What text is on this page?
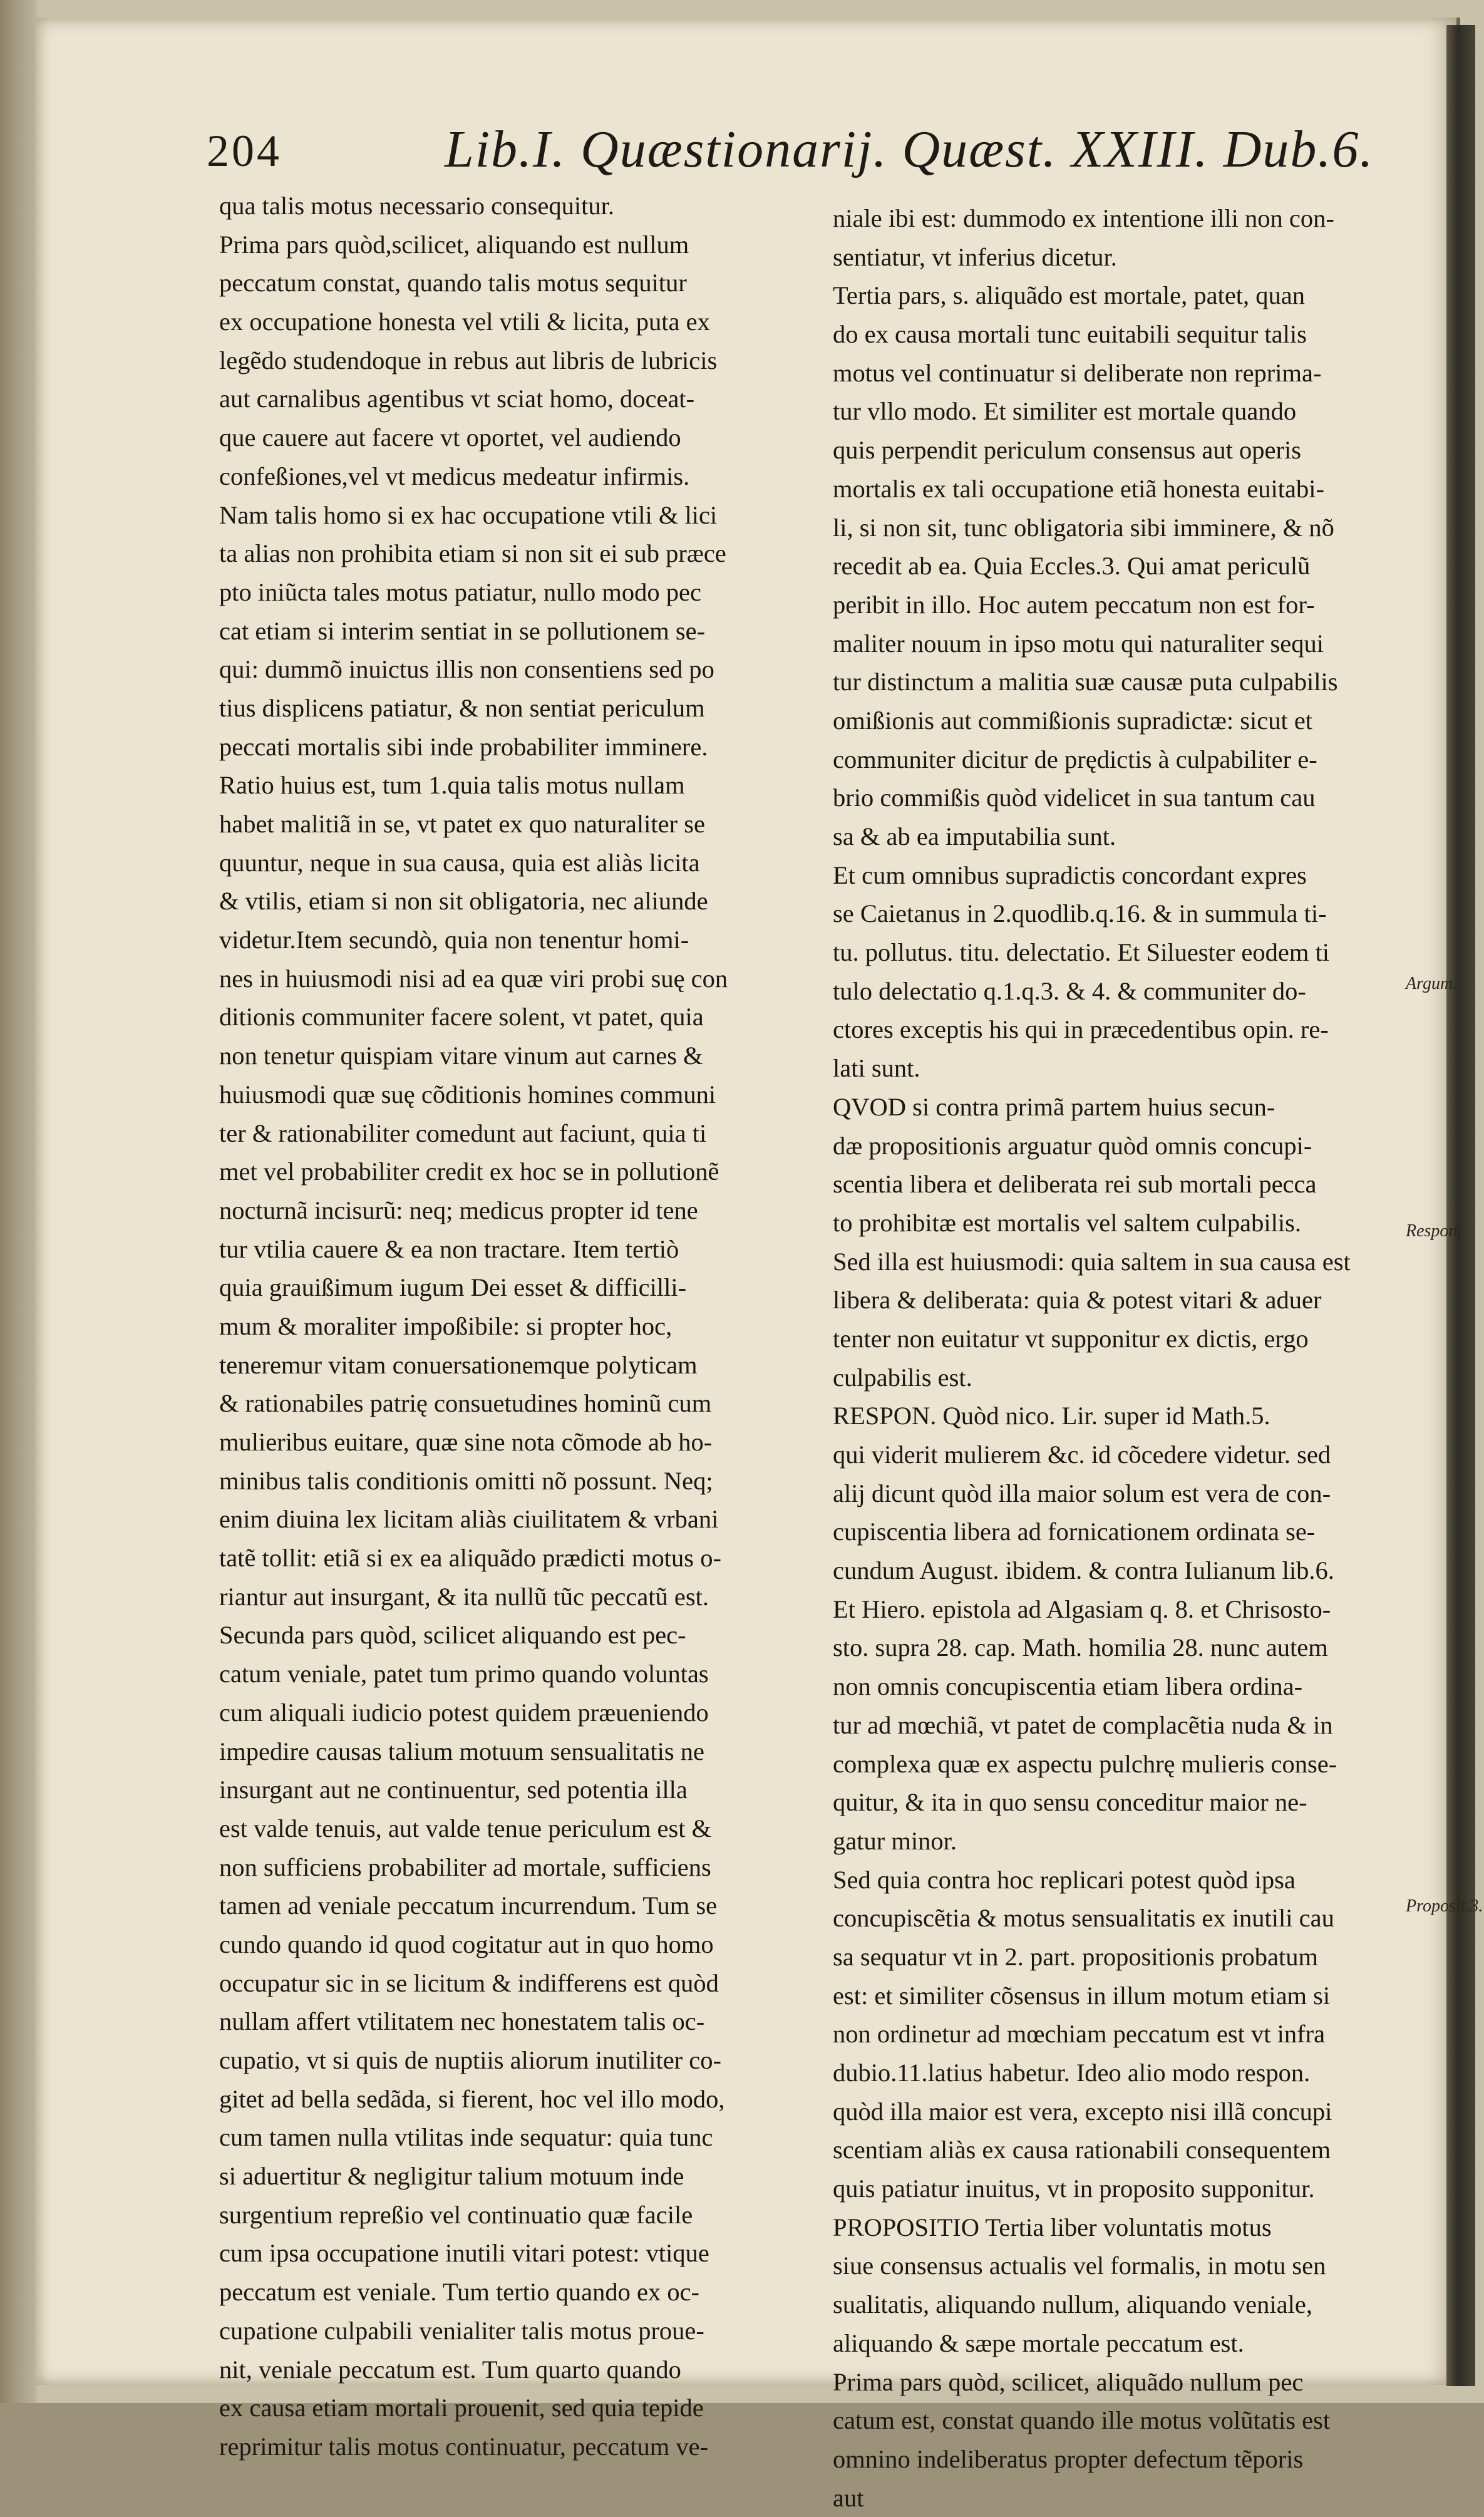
204	Lib.I. Quæstionarij. Quæst. XXIII. Dub.6.
qua talis motus necessario consequitur.
Prima pars quòd,scilicet, aliquando est nullum
peccatum constat, quando talis motus sequitur
ex occupatione honesta vel vtili & licita, puta ex
legẽdo studendoque in rebus aut libris de lubricis
aut carnalibus agentibus vt sciat homo, doceat-
que cauere aut facere vt oportet, vel audiendo
confeßiones,vel vt medicus medeatur infirmis.
Nam talis homo si ex hac occupatione vtili & lici
ta alias non prohibita etiam si non sit ei sub præce
pto iniũcta tales motus patiatur, nullo modo pec
cat etiam si interim sentiat in se pollutionem se-
qui: dummõ inuictus illis non consentiens sed po
tius displicens patiatur, & non sentiat periculum
peccati mortalis sibi inde probabiliter imminere.
Ratio huius est, tum 1.quia talis motus nullam
habet malitiã in se, vt patet ex quo naturaliter se
quuntur, neque in sua causa, quia est aliàs licita
& vtilis, etiam si non sit obligatoria, nec aliunde
videtur.Item secundò, quia non tenentur homi-
nes in huiusmodi nisi ad ea quæ viri probi suę con
ditionis communiter facere solent, vt patet, quia
non tenetur quispiam vitare vinum aut carnes &
huiusmodi quæ suę cõditionis homines communi
ter & rationabiliter comedunt aut faciunt, quia ti
met vel probabiliter credit ex hoc se in pollutionẽ
nocturnã incisurũ: neq; medicus propter id tene
tur vtilia cauere & ea non tractare. Item tertiò
quia grauißimum iugum Dei esset & difficilli-
mum & moraliter impoßibile: si propter hoc,
teneremur vitam conuersationemque polyticam
& rationabiles patrię consuetudines hominũ cum
mulieribus euitare, quæ sine nota cõmode ab ho-
minibus talis conditionis omitti nõ possunt. Neq;
enim diuina lex licitam aliàs ciuilitatem & vrbani
tatẽ tollit: etiã si ex ea aliquãdo prædicti motus o-
riantur aut insurgant, & ita nullũ tũc peccatũ est.
Secunda pars quòd, scilicet aliquando est pec-
catum veniale, patet tum primo quando voluntas
cum aliquali iudicio potest quidem præueniendo
impedire causas talium motuum sensualitatis ne
insurgant aut ne continuentur, sed potentia illa
est valde tenuis, aut valde tenue periculum est &
non sufficiens probabiliter ad mortale, sufficiens
tamen ad veniale peccatum incurrendum. Tum se
cundo quando id quod cogitatur aut in quo homo
occupatur sic in se licitum & indifferens est quòd
nullam affert vtilitatem nec honestatem talis oc-
cupatio, vt si quis de nuptiis aliorum inutiliter co-
gitet ad bella sedãda, si fierent, hoc vel illo modo,
cum tamen nulla vtilitas inde sequatur: quia tunc
si aduertitur & negligitur talium motuum inde
surgentium repreßio vel continuatio quæ facile
cum ipsa occupatione inutili vitari potest: vtique
peccatum est veniale. Tum tertio quando ex oc-
cupatione culpabili venialiter talis motus proue-
nit, veniale peccatum est. Tum quarto quando
ex causa etiam mortali prouenit, sed quia tepide
reprimitur talis motus continuatur, peccatum ve-
niale ibi est: dummodo ex intentione illi non con-
sentiatur, vt inferius dicetur.
Tertia pars, s. aliquãdo est mortale, patet, quan
do ex causa mortali tunc euitabili sequitur talis
motus vel continuatur si deliberate non reprima-
tur vllo modo. Et similiter est mortale quando
quis perpendit periculum consensus aut operis
mortalis ex tali occupatione etiã honesta euitabi-
li, si non sit, tunc obligatoria sibi imminere, & nõ
recedit ab ea. Quia Eccles.3. Qui amat periculũ
peribit in illo. Hoc autem peccatum non est for-
maliter nouum in ipso motu qui naturaliter sequi
tur distinctum a malitia suæ causæ puta culpabilis
omißionis aut commißionis supradictæ: sicut et
communiter dicitur de prędictis à culpabiliter e-
brio commißis quòd videlicet in sua tantum cau
sa & ab ea imputabilia sunt.
Et cum omnibus supradictis concordant expres
se Caietanus in 2.quodlib.q.16. & in summula ti-
tu. pollutus. titu. delectatio. Et Siluester eodem ti
tulo delectatio q.1.q.3. & 4. & communiter do-
ctores exceptis his qui in præcedentibus opin. re-
lati sunt.
QVOD si contra primã partem huius secun-
dæ propositionis arguatur quòd omnis concupi-
scentia libera et deliberata rei sub mortali pecca
to prohibitæ est mortalis vel saltem culpabilis.
Sed illa est huiusmodi: quia saltem in sua causa est
libera & deliberata: quia & potest vitari & aduer
tenter non euitatur vt supponitur ex dictis, ergo
culpabilis est.
RESPON. Quòd nico. Lir. super id Math.5.
qui viderit mulierem &c. id cõcedere videtur. sed
alij dicunt quòd illa maior solum est vera de con-
cupiscentia libera ad fornicationem ordinata se-
cundum August. ibidem. & contra Iulianum lib.6.
Et Hiero. epistola ad Algasiam q. 8. et Chrisosto-
sto. supra 28. cap. Math. homilia 28. nunc autem
non omnis concupiscentia etiam libera ordina-
tur ad mœchiã, vt patet de complacẽtia nuda & in
complexa quæ ex aspectu pulchrę mulieris conse-
quitur, & ita in quo sensu conceditur maior ne-
gatur minor.
Sed quia contra hoc replicari potest quòd ipsa
concupiscẽtia & motus sensualitatis ex inutili cau
sa sequatur vt in 2. part. propositionis probatum
est: et similiter cõsensus in illum motum etiam si
non ordinetur ad mœchiam peccatum est vt infra
dubio.11.latius habetur. Ideo alio modo respon.
quòd illa maior est vera, excepto nisi illã concupi
scentiam aliàs ex causa rationabili consequentem
quis patiatur inuitus, vt in proposito supponitur.
PROPOSITIO Tertia liber voluntatis motus
siue consensus actualis vel formalis, in motu sen
sualitatis, aliquando nullum, aliquando veniale,
aliquando & sæpe mortale peccatum est.
Prima pars quòd, scilicet, aliquãdo nullum pec
catum est, constat quando ille motus volũtatis est
omnino indeliberatus propter defectum tẽporis
aut
Argum.
Respon.
Proposit.3.
